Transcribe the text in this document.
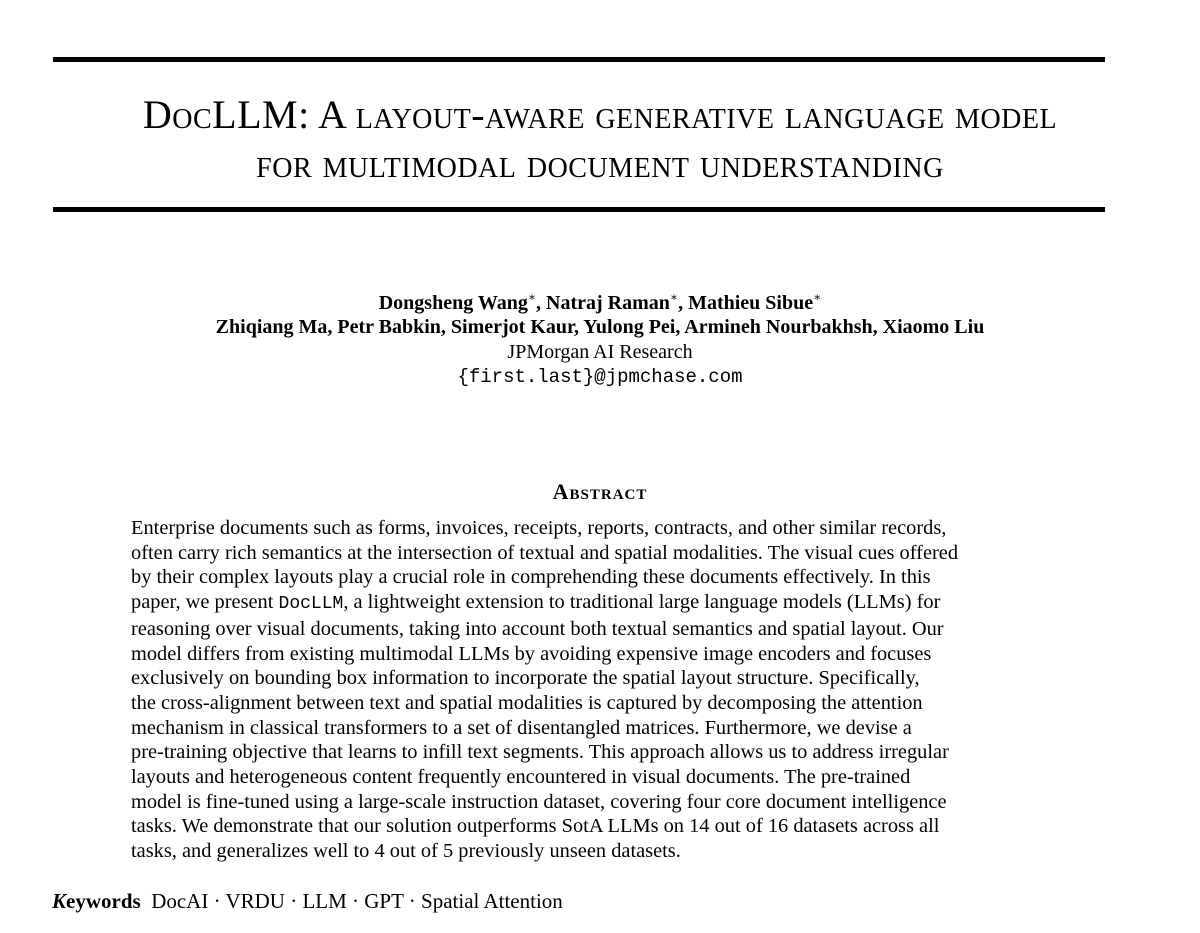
DocLLM: A layout-aware generative language model
for multimodal document understanding
Dongsheng Wang∗, Natraj Raman∗, Mathieu Sibue∗
Zhiqiang Ma, Petr Babkin, Simerjot Kaur, Yulong Pei, Armineh Nourbakhsh, Xiaomo Liu
JPMorgan AI Research
{first.last}@jpmchase.com
Abstract
Enterprise documents such as forms, invoices, receipts, reports, contracts, and other similar records,
often carry rich semantics at the intersection of textual and spatial modalities. The visual cues offered
by their complex layouts play a crucial role in comprehending these documents effectively. In this
paper, we present DocLLM, a lightweight extension to traditional large language models (LLMs) for
reasoning over visual documents, taking into account both textual semantics and spatial layout. Our
model differs from existing multimodal LLMs by avoiding expensive image encoders and focuses
exclusively on bounding box information to incorporate the spatial layout structure. Specifically,
the cross-alignment between text and spatial modalities is captured by decomposing the attention
mechanism in classical transformers to a set of disentangled matrices. Furthermore, we devise a
pre-training objective that learns to infill text segments. This approach allows us to address irregular
layouts and heterogeneous content frequently encountered in visual documents. The pre-trained
model is fine-tuned using a large-scale instruction dataset, covering four core document intelligence
tasks. We demonstrate that our solution outperforms SotA LLMs on 14 out of 16 datasets across all
tasks, and generalizes well to 4 out of 5 previously unseen datasets.
Keywords DocAI · VRDU · LLM · GPT · Spatial Attention
